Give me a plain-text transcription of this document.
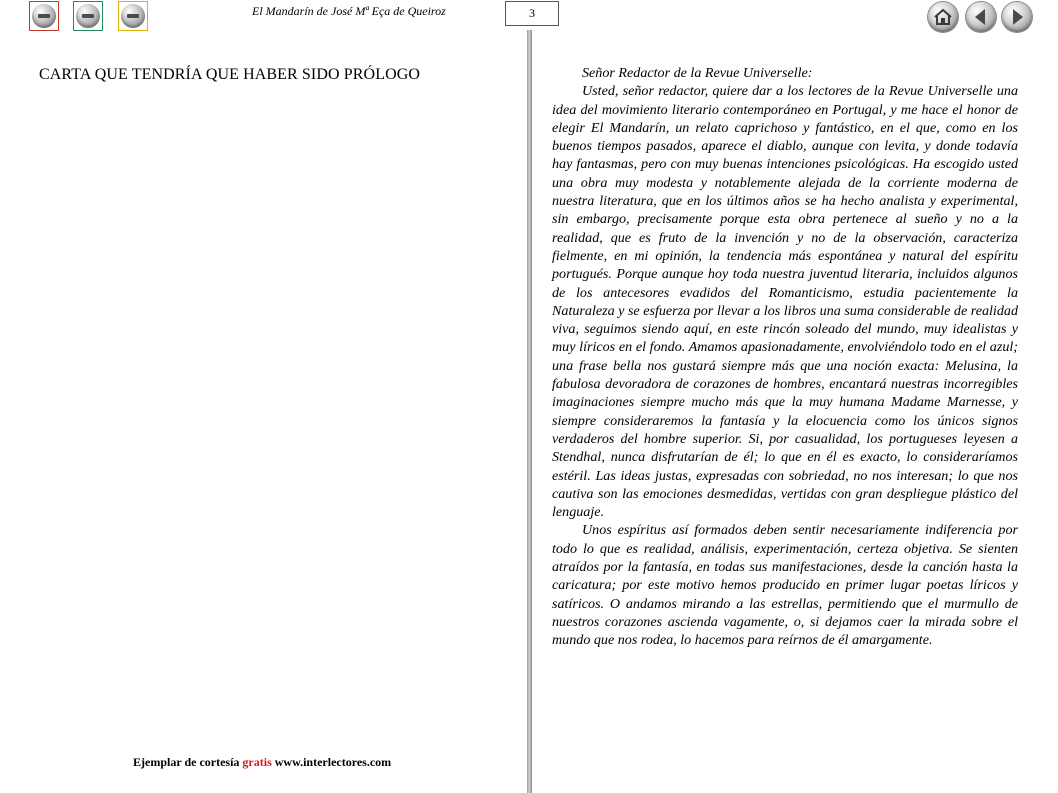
El Mandarín de José Mª Eça de Queiroz	3
CARTA QUE TENDRÍA QUE HABER SIDO PRÓLOGO	Señor Redactor de la Revue Universelle:

Usted, señor redactor, quiere dar a los lectores de la Revue Universelle una idea del movimiento literario contemporáneo en Portugal, y me hace el honor de elegir El Mandarín, un relato caprichoso y fantástico, en el que, como en los buenos tiempos pasados, aparece el diablo, aunque con levita, y donde todavía hay fantasmas, pero con muy buenas intenciones psicológicas. Ha escogido usted una obra muy modesta y notablemente alejada de la corriente moderna de nuestra literatura, que en los últimos años se ha hecho analista y experimental, sin embargo, precisamente porque esta obra pertenece al sueño y no a la realidad, que es fruto de la invención y no de la observación, caracteriza fielmente, en mi opinión, la tendencia más espontánea y natural del espíritu portugués. Porque aunque hoy toda nuestra juventud literaria, incluidos algunos de los antecesores evadidos del Romanticismo, estudia pacientemente la Naturaleza y se esfuerza por llevar a los libros una suma considerable de realidad viva, seguimos siendo aquí, en este rincón soleado del mundo, muy idealistas y muy líricos en el fondo. Amamos apasionadamente, envolviéndolo todo en el azul; una frase bella nos gustará siempre más que una noción exacta: Melusina, la fabulosa devoradora de corazones de hombres, encantará nuestras incorregibles imaginaciones siempre mucho más que la muy humana Madame Marnesse, y siempre consideraremos la fantasía y la elocuencia como los únicos signos verdaderos del hombre superior. Si, por casualidad, los portugueses leyesen a Stendhal, nunca disfrutarían de él; lo que en él es exacto, lo consideraríamos estéril. Las ideas justas, expresadas con sobriedad, no nos interesan; lo que nos cautiva son las emociones desmedidas, vertidas con gran despliegue plástico del lenguaje.

Unos espíritus así formados deben sentir necesariamente indiferencia por todo lo que es realidad, análisis, experimentación, certeza objetiva. Se sienten atraídos por la fantasía, en todas sus manifestaciones, desde la canción hasta la caricatura; por este motivo hemos producido en primer lugar poetas líricos y satíricos. O andamos mirando a las estrellas, permitiendo que el murmullo de nuestros corazones ascienda vagamente, o, si dejamos caer la mirada sobre el mundo que nos rodea, lo hacemos para reírnos de él amargamente.

Ejemplar de cortesía gratis www.interlectores.com
